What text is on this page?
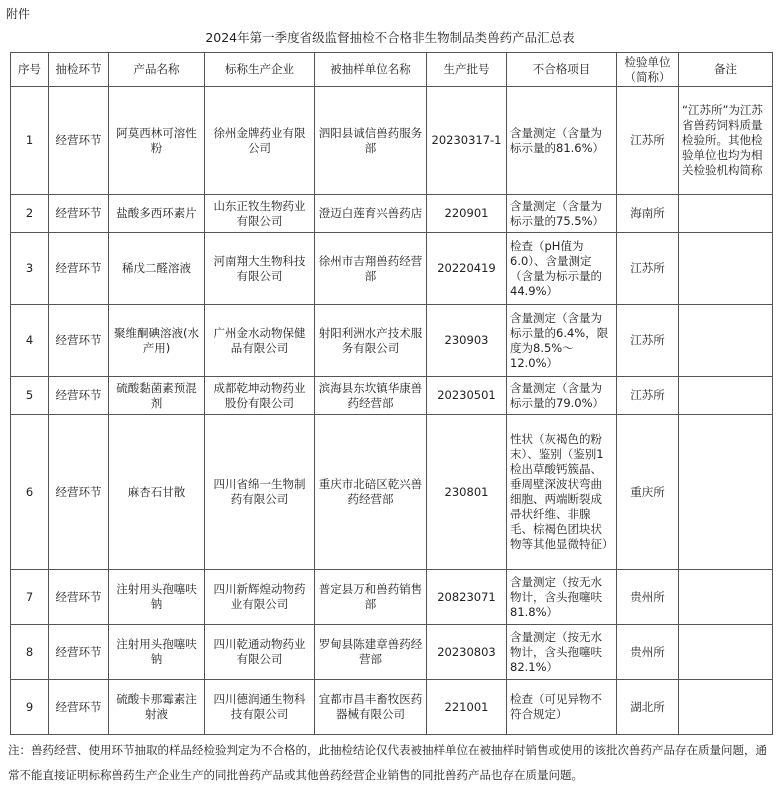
附件
2024年第一季度省级监督抽检不合格非生物制品类兽药产品汇总表
序号	抽检环节	产品名称	标称生产企业	被抽样单位名称	生产批号	不合格项目	检验单位（简称）	备注
1	经营环节	阿莫西林可溶性粉	徐州金牌药业有限公司	泗阳县诚信兽药服务部	20230317-1	含量测定（含量为标示量的81.6%）	江苏所	“江苏所”为江苏省兽药饲料质量检验所。其他检验单位也均为相关检验机构简称
2	经营环节	盐酸多西环素片	山东正牧生物药业有限公司	澄迈白莲育兴兽药店	220901	含量测定（含量为标示量的75.5%）	海南所	
3	经营环节	稀戊二醛溶液	河南翔大生物科技有限公司	徐州市吉翔兽药经营部	20220419	检查（pH值为6.0）、含量测定（含量为标示量的44.9%）	江苏所	
4	经营环节	聚维酮碘溶液(水产用)	广州金水动物保健品有限公司	射阳利洲水产技术服务有限公司	230903	含量测定（含量为标示量的6.4%，限度为8.5%～12.0%）	江苏所	
5	经营环节	硫酸黏菌素预混剂	成都乾坤动物药业股份有限公司	滨海县东坎镇华康兽药经营部	20230501	含量测定（含量为标示量的79.0%）	江苏所	
6	经营环节	麻杏石甘散	四川省绵一生物制药有限公司	重庆市北碚区乾兴兽药经营部	230801	性状（灰褐色的粉末）、鉴别（鉴别1检出草酸钙簇晶、垂周壁深波状弯曲细胞、两端断裂成帚状纤维、非腺毛、棕褐色团块状物等其他显微特征）	重庆所	
7	经营环节	注射用头孢噻呋钠	四川新辉煌动物药业有限公司	普定县万和兽药销售部	20823071	含量测定（按无水物计，含头孢噻呋81.8%）	贵州所	
8	经营环节	注射用头孢噻呋钠	四川乾通动物药业有限公司	罗甸县陈建章兽药经营部	20230803	含量测定（按无水物计，含头孢噻呋82.1%）	贵州所	
9	经营环节	硫酸卡那霉素注射液	四川德润通生物科技有限公司	宜都市昌丰畜牧医药器械有限公司	221001	检查（可见异物不符合规定）	湖北所	
注：兽药经营、使用环节抽取的样品经检验判定为不合格的，此抽检结论仅代表被抽样单位在被抽样时销售或使用的该批次兽药产品存在质量问题，通常不能直接证明标称兽药生产企业生产的同批兽药产品或其他兽药经营企业销售的同批兽药产品也存在质量问题。
